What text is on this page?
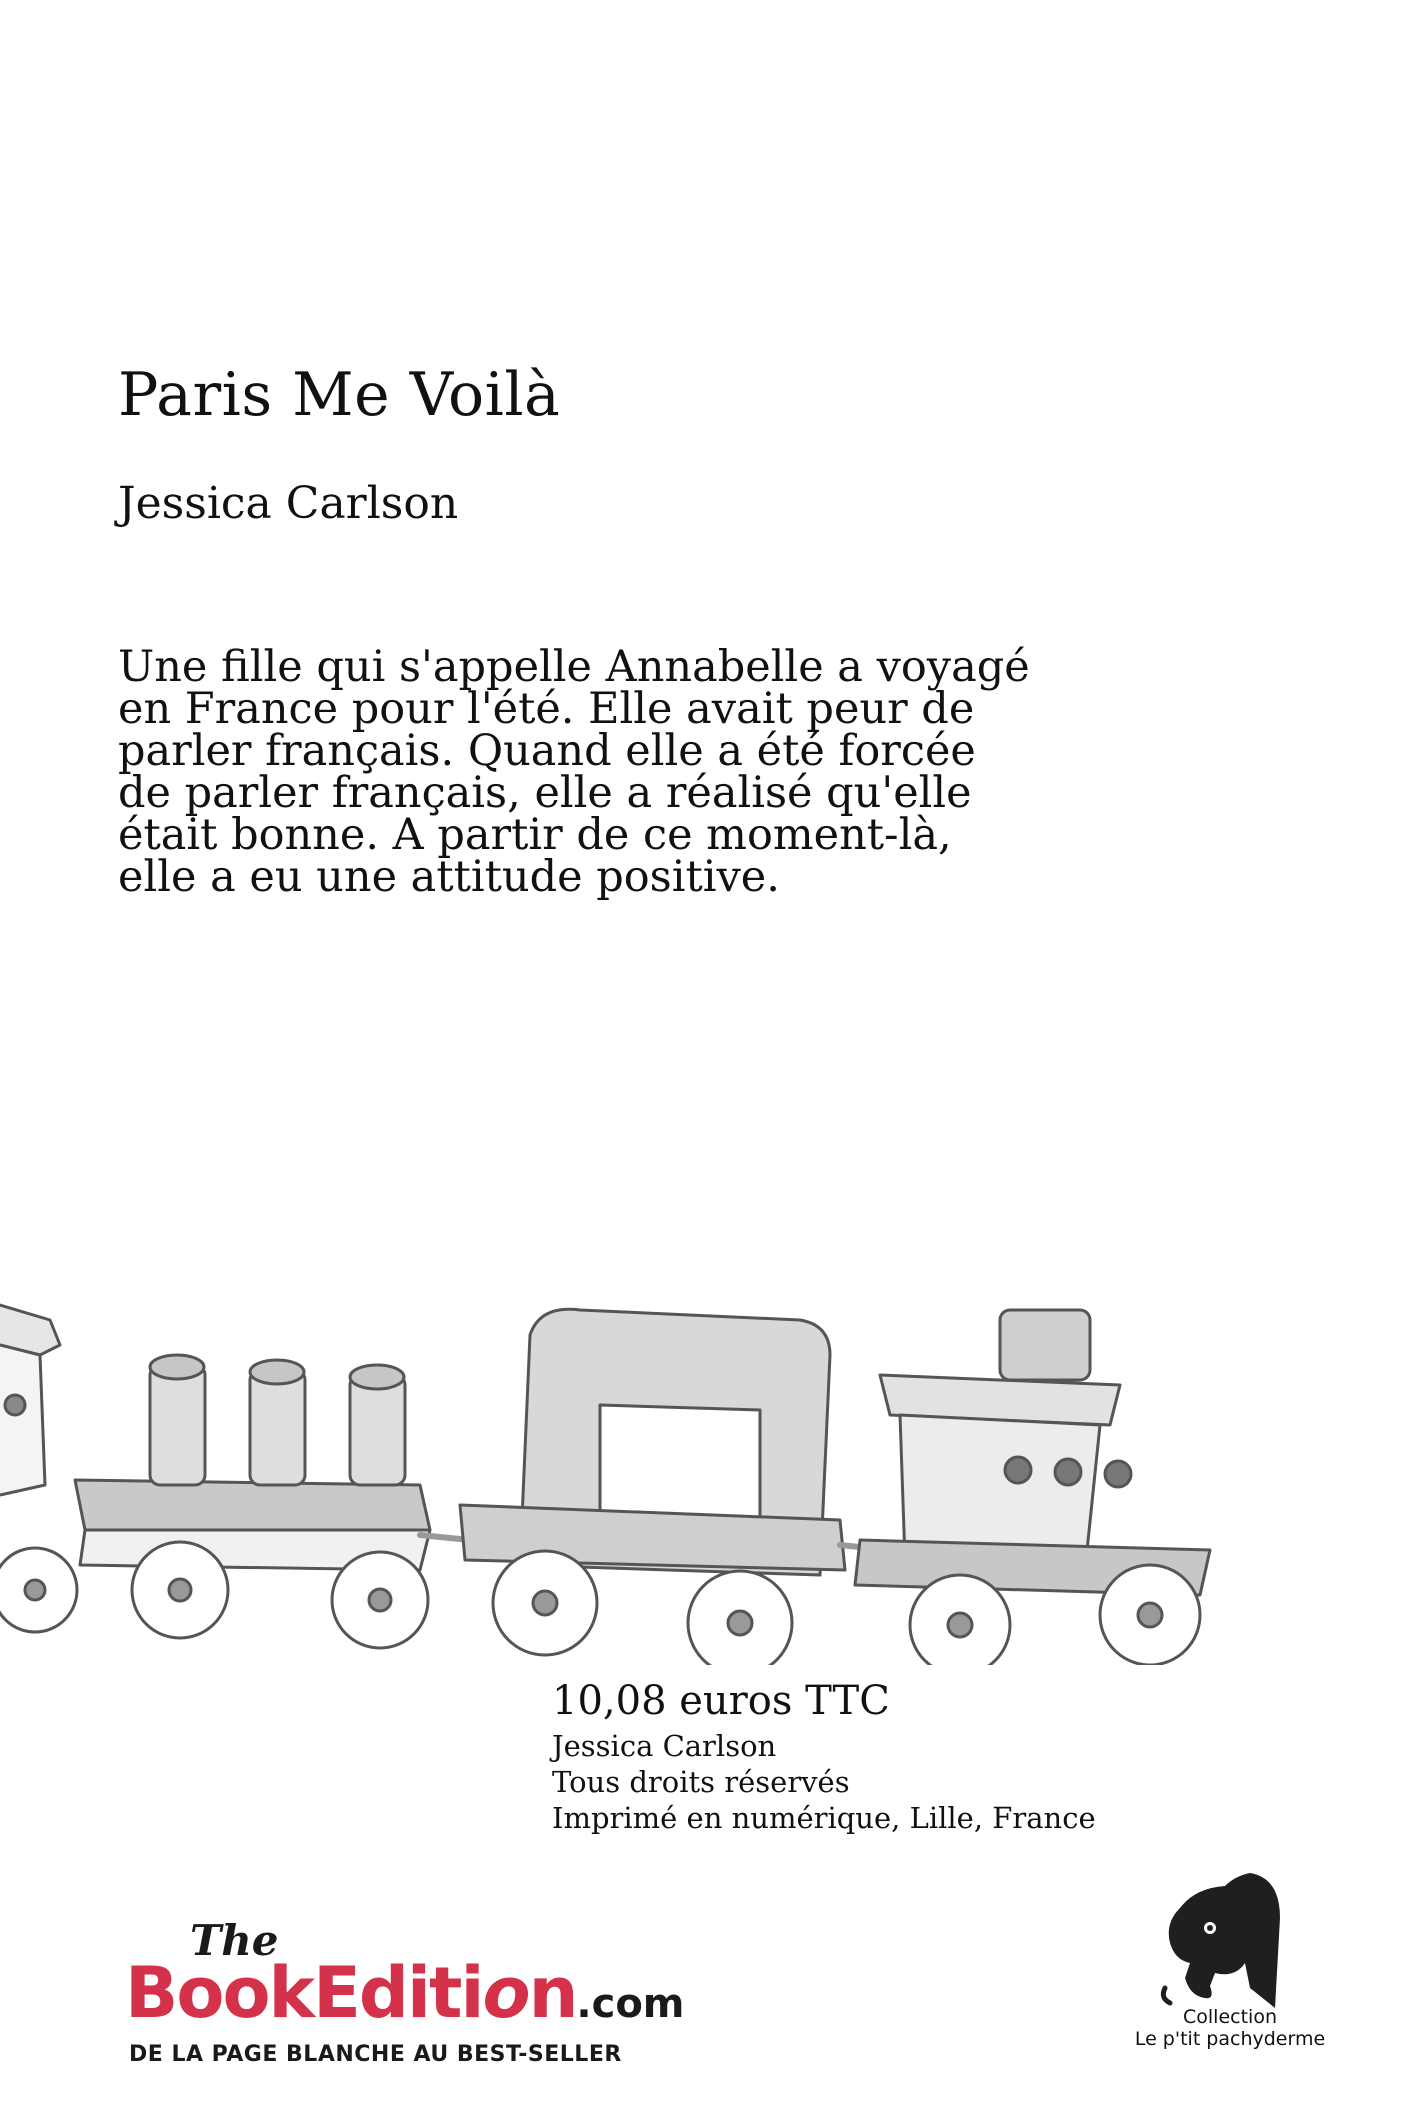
Paris Me Voilà

Jessica Carlson

Une fille qui s'appelle Annabelle a voyagé en France pour l'été. Elle avait peur de parler français. Quand elle a été forcée de parler français, elle a réalisé qu'elle était bonne. A partir de ce moment-là, elle a eu une attitude positive.

10,08 euros TTC

Jessica Carlson

Tous droits réservés

Imprimé en numérique, Lille, France

The
BookEdition.com
DE LA PAGE BLANCHE AU BEST-SELLER
Collection
Le p'tit pachyderme
